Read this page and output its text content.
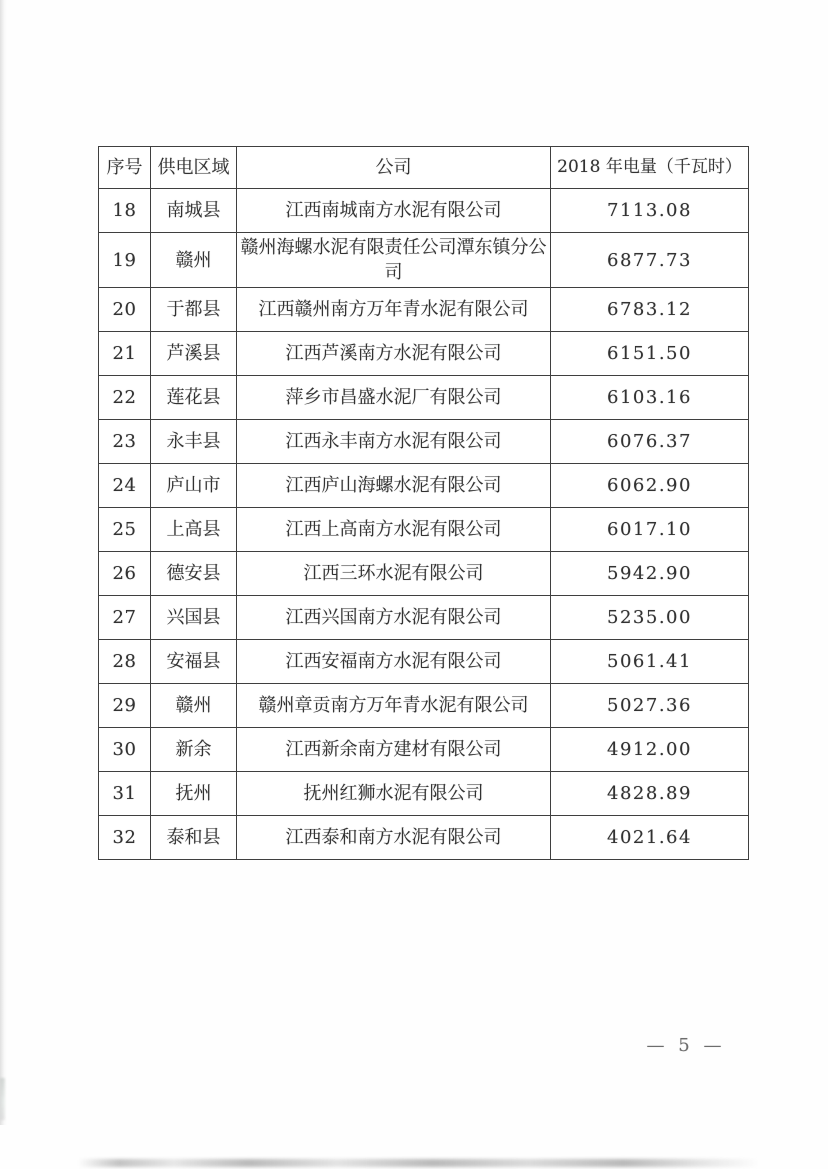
序号	供电区域	公司	2018 年电量（千瓦时）
18	南城县	江西南城南方水泥有限公司	7113.08
19	赣州	赣州海螺水泥有限责任公司潭东镇分公司	6877.73
20	于都县	江西赣州南方万年青水泥有限公司	6783.12
21	芦溪县	江西芦溪南方水泥有限公司	6151.50
22	莲花县	萍乡市昌盛水泥厂有限公司	6103.16
23	永丰县	江西永丰南方水泥有限公司	6076.37
24	庐山市	江西庐山海螺水泥有限公司	6062.90
25	上高县	江西上高南方水泥有限公司	6017.10
26	德安县	江西三环水泥有限公司	5942.90
27	兴国县	江西兴国南方水泥有限公司	5235.00
28	安福县	江西安福南方水泥有限公司	5061.41
29	赣州	赣州章贡南方万年青水泥有限公司	5027.36
30	新余	江西新余南方建材有限公司	4912.00
31	抚州	抚州红狮水泥有限公司	4828.89
32	泰和县	江西泰和南方水泥有限公司	4021.64
— 5 —
